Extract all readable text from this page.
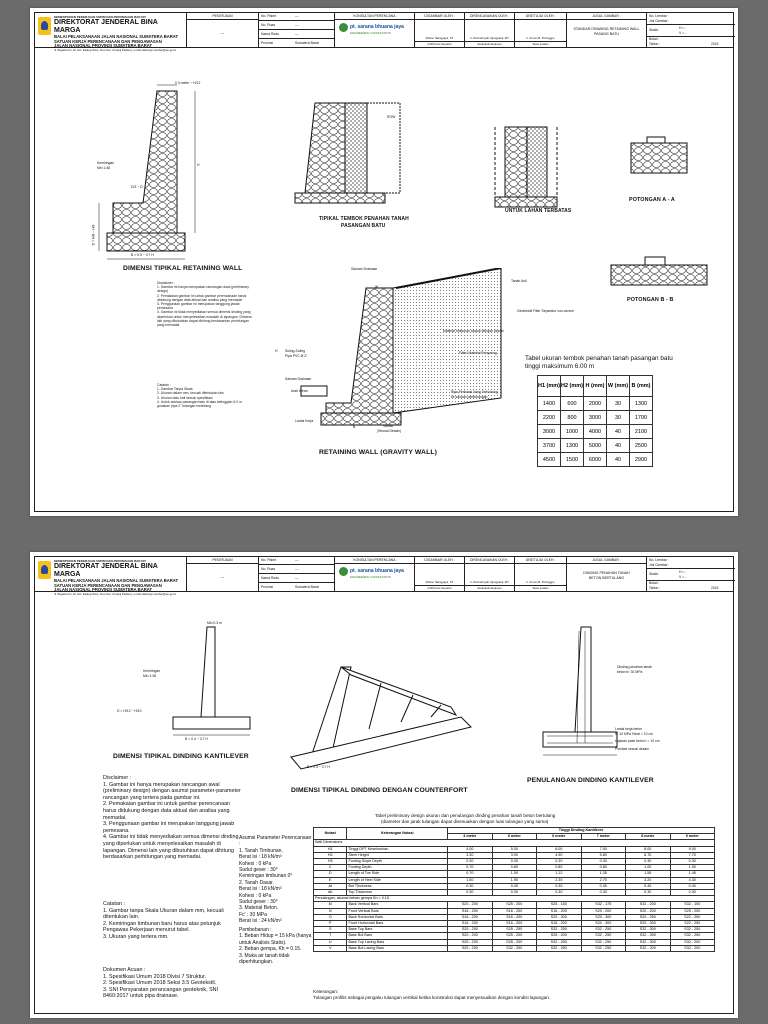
KEMENTERIAN PEKERJAAN UMUM DAN PERUMAHAN RAKYAT
DIREKTORAT JENDERAL BINA MARGA
BALAI PELAKSANAAN JALAN NASIONAL SUMATERA BARAT
SATUAN KERJA PERENCANAAN DAN PENGAWASAN
JALAN NASIONAL PROVINSI SUMATERA BARAT
Jl. Bypass Km 10, Kel. Kalang Simp. Duo Kec. Kuranji Padang, e-mail satkerpjn.sumbar@pu.go.id
PEKERJAAN
—
No. Paket	—
No. Ruas	—
Nama Ruas	—
Provinsi	Sumatera Barat
KONSULTAN PERENCANA
pt. sarana bhuana jaya
ENGINEERING CONSULTANTS
DIGAMBAR OLEH :
Wilson Nainggaya, ST
CAD/Cost Operator
DIRENCANAKAN OLEH :
Ir. Darmansyah Ujungpasa, MT
Geoteknik Engineer
DISETUJUI OLEH :
Ir. Armen B. Puhnggpo
Team Leader
JUDUL GAMBAR :
STANDAR DRAWING RETAINING WALL
PASANG BATU
No. Lembar :
Jml Gambar :
Skala :	H = -
V = -
Bulan :
Tahun :	2024
0.3 meter ~ H/12
Kemiringan
Min 1:48
D/2 ~ D
D = H/8 ~ H/6
B = 0.5 ~ 0.7 H
H
DIMENSI TIPIKAL RETAINING WALL
TIPIKAL TEMBOK PENAHAN TANAH
PASANGAN BATU
ROW
UNTUK LAHAN TERBATAS
POTONGAN A - A
POTONGAN B - B
Saluran Drainase
Tanah Asli
Geotekstil Filter Separator non-woven
Material timbunan sesuai dengan desain
Filter/ Material Penyaring
Suling-Suling
Pipa PVC Ø 2"
Saluran Drainase
Arah Aliran
Lantai Kerja
Variasi
(Sesuai Desain)
Pipa Perforasi Yang Terhubung
ke saluran pembuangan
W
B
H
RETAINING WALL (GRAVITY WALL)
Disclaimer :
1. Gambar ini hanya merupakan rancangan awal (preliminary design)
2. Pemakaian gambar ini untuk gambar perencanaan harus didukung dengan data aktual dan analisa yang memadai
3. Penggunaan gambar ini merupakan tanggung jawab pemesana
4. Gambar ini tidak menyediakan semua dimensi dinding yang diperlukan untuk menyelesaikan masalah di lapangan. Dimensi lain yang dibutuhkan dapat dihitung berdasarkan perhitungan yang memadai
Catatan :
1. Gambar Tanpa Skala
2. Ukuran dalam mm, kecuali ditentukan lain
3. Ukuran batu kali sesuai spesifikasi
4. Untuk adukan pasangan batu di atas ketinggian 5.0 m gunakan pipa 2" tulangan melintang
Tabel ukuran tembok penahan tanah pasangan batu
tinggi maksimum 6.00 m
H1 (mm)	H2 (mm)	H (mm)	W (mm)	B (mm)
1400	600	2000	30	1300
2200	800	3000	30	1700
3000	1000	4000	40	2100
3700	1300	5000	40	2500
4500	1500	6000	40	2900
KEMENTERIAN PEKERJAAN UMUM DAN PERUMAHAN RAKYAT
DIREKTORAT JENDERAL BINA MARGA
BALAI PELAKSANAAN JALAN NASIONAL SUMATERA BARAT
SATUAN KERJA PERENCANAAN DAN PENGAWASAN
JALAN NASIONAL PROVINSI SUMATERA BARAT
Jl. Bypass Km 10, Kel. Kalang Simp. Duo Kec. Kuranji Padang, e-mail satkerpjn.sumbar@pu.go.id
PEKERJAAN
—
No. Paket	—
No. Ruas	—
Nama Ruas	—
Provinsi	Sumatera Barat
KONSULTAN PERENCANA
pt. sarana bhuana jaya
ENGINEERING CONSULTANTS
DIGAMBAR OLEH :
Wilson Nainggaya, ST
CAD/Cost Operator
DIRENCANAKAN OLEH :
Ir. Darmansyah Ujungpasa, MT
Geoteknik Engineer
DISETUJUI OLEH :
Ir. Armen B. Puhnggpo
Team Leader
JUDUL GAMBAR :
DINDING PENAHAN TANAH
BETON BERTULANG
No. Lembar :
Jml Gambar :
Skala :	H = -
V = -
Bulan :
Tahun :	2024
Min 0.3 m
Kemiringan
Min 1:48
D = H/12 ~ H/10
B = 0.4 ~ 0.7 H
DIMENSI TIPIKAL DINDING KANTILEVER
B = 0.4 ~ 0.7 H
DIMENSI TIPIKAL DINDING DENGAN COUNTERFORT
Dinding penahan tanah
beton fc' 30 MPa
Lantai kerja beton
fc' 10 MPa Tebal = 10 cm
Lapisan pasir beton t = 10 cm
Pondasi sesuai desain
PENULANGAN DINDING KANTILEVER
Disclaimer :
1. Gambar ini hanya merupakan rancangan awal (preliminary design) dengan asumsi parameter-parameter rancangan yang tertera pada gambar ini.
2. Pemakaian gambar ini untuk gambar perencanaan harus didukung dengan data aktual dan analisa yang memadai.
3. Penggunaan gambar ini merupakan tanggung jawab pemesana.
4. Gambar ini tidak menyediakan semua dimensi dinding yang diperlukan untuk menyelesaikan masalah di lapangan. Dimensi lain yang dibutuhkan dapat dihitung berdasarkan perhitungan yang memadai.
Catatan :
1. Gambar tanpa Skala Ukuran dalam mm, kecuali ditentukan lain.
2. Kemiringan timbunan baru harus atas petunjuk Pengawas Pekerjaan menurut tabel.
3. Ukuran yang tertera mm.
Dokumen Acuan :
1. Spesifikasi Umum 2018 Divisi 7 Struktur.
2. Spesifikasi Umum 2018 Seksi 3.5 Geotekstil.
3. SNI Persyaratan perancangan geoteknik, SNI 8460:2017 untuk pipa drainase.
Asumsi Parameter Perencanaan :
1. Tanah Timbunan.
Berat isi : 18 kN/m³
Kohesi : 0 kPa
Sudut geser : 30°
Kemiringan timbunan 0°
2. Tanah Dasar.
Berat isi : 18 kN/m³
Kohesi : 0 kPa
Sudut geser : 30°
3. Material Beton.
Fc' : 30 MPa
Berat isi : 24 kN/m³
Pembebanan :
1. Beban Hidup = 15 kPa (hanya untuk Analisis Statis).
2. Beban gempa, Kh = 0.15.
3. Muka air tanah tidak diperhitungkan.
Tabel preliminary design ukuran dan penulangan dinding penahan tanah beton bertulang
(diameter dan jarak tulangan dapat disesuaikan dengan luas tulangan yang sama)
Notasi	Keterangan Notasi	Tinggi Dinding Kantilever					
		4 meter	5 meter	6 meter	7 meter	8 meter	9 meter
Wall Dimensions							
H1	Tinggi DPT Keseluruhan	4.00	5.00	6.00	7.00	8.00	9.00
H2	Stem Height	3.30	3.90	4.90	5.80	6.70	7.70
H3	Footing Slope Depth	0.30	0.30	0.30	0.30	0.30	0.30
C	Footing Depth	0.70	0.80	0.80	0.80	1.00	1.00
D	Length of Toe Side	0.70	1.00	1.12	1.35	1.55	1.45
E	Length of Heel Side	1.50	1.90	2.30	2.70	3.20	4.30
At	Bot Thickness	0.30	0.30	0.30	0.35	0.40	0.40
Ab	Top Thickness	0.30	0.30	0.30	0.30	0.30	0.30
Penulangan, asumsi beban gempa Kh = 0.15							
M	Back Vertical Bars	S20 - 200	S25 - 200	S25 - 150	S32 - 175	S32 - 200	S32 - 100
N	Front Vertical Bars	S16 - 200	S16 - 200	S16 - 200	S20 - 200	S20 - 200	S25 - 200
O	Back Horizontal Bars	S16 - 200	S16 - 200	S20 - 300	S20 - 300	S20 - 250	S22 - 250
P	Front Horizontal Bars	S16 - 200	S16 - 200	S16 - 200	S20 - 300	S20 - 300	S22 - 250
S	Base Top Bars	S25 - 200	S25 - 250	S32 - 250	S32 - 250	S32 - 300	S32 - 250
T	Base Bot Bars	S20 - 200	S25 - 200	S25 - 200	S32 - 250	S32 - 250	S32 - 250
U	Base Top Lacing Bars	S25 - 200	S25 - 200	S32 - 250	S32 - 250	S32 - 300	S32 - 200
V	Base Bot Lacing Bars	S25 - 200	S32 - 250	S32 - 250	S32 - 250	S32 - 200	S32 - 200
Keterangan:
Tulangan profilis sebagai pengaku tulangan vertikal ketika konstruksi dapat menyesuaikan dengan kondisi lapangan.
